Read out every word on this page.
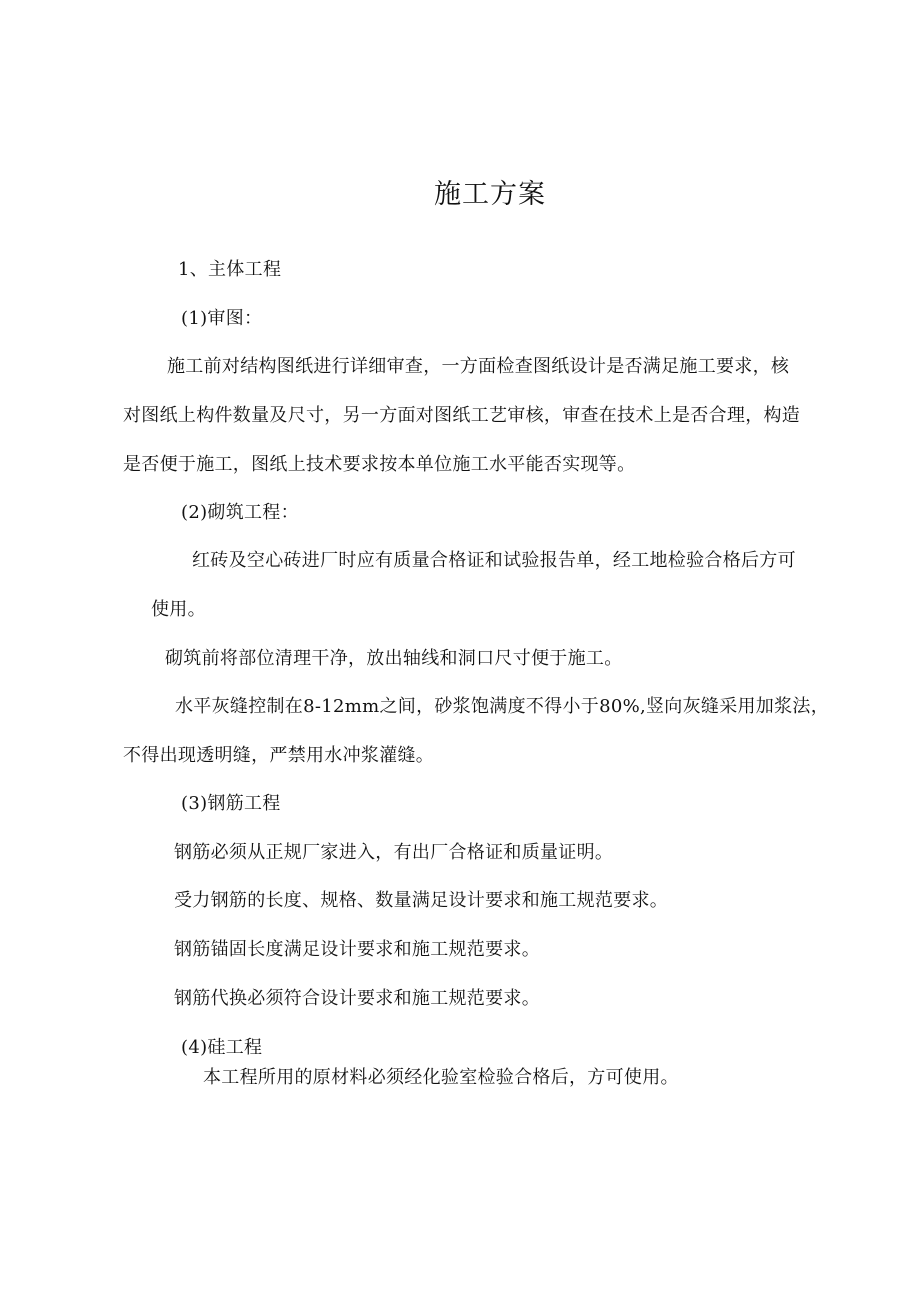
施工方案
1、主体工程
(1)审图：
施工前对结构图纸进行详细审查，一方面检查图纸设计是否满足施工要求，核
对图纸上构件数量及尺寸，另一方面对图纸工艺审核，审查在技术上是否合理，构造
是否便于施工，图纸上技术要求按本单位施工水平能否实现等。
(2)砌筑工程：
红砖及空心砖进厂时应有质量合格证和试验报告单，经工地检验合格后方可
使用。
砌筑前将部位清理干净，放出轴线和洞口尺寸便于施工。
水平灰缝控制在8-12mm之间，砂浆饱满度不得小于80%,竖向灰缝采用加浆法，
不得出现透明缝，严禁用水冲浆灌缝。
(3)钢筋工程
钢筋必须从正规厂家进入，有出厂合格证和质量证明。
受力钢筋的长度、规格、数量满足设计要求和施工规范要求。
钢筋锚固长度满足设计要求和施工规范要求。
钢筋代换必须符合设计要求和施工规范要求。
(4)硅工程
本工程所用的原材料必须经化验室检验合格后，方可使用。
